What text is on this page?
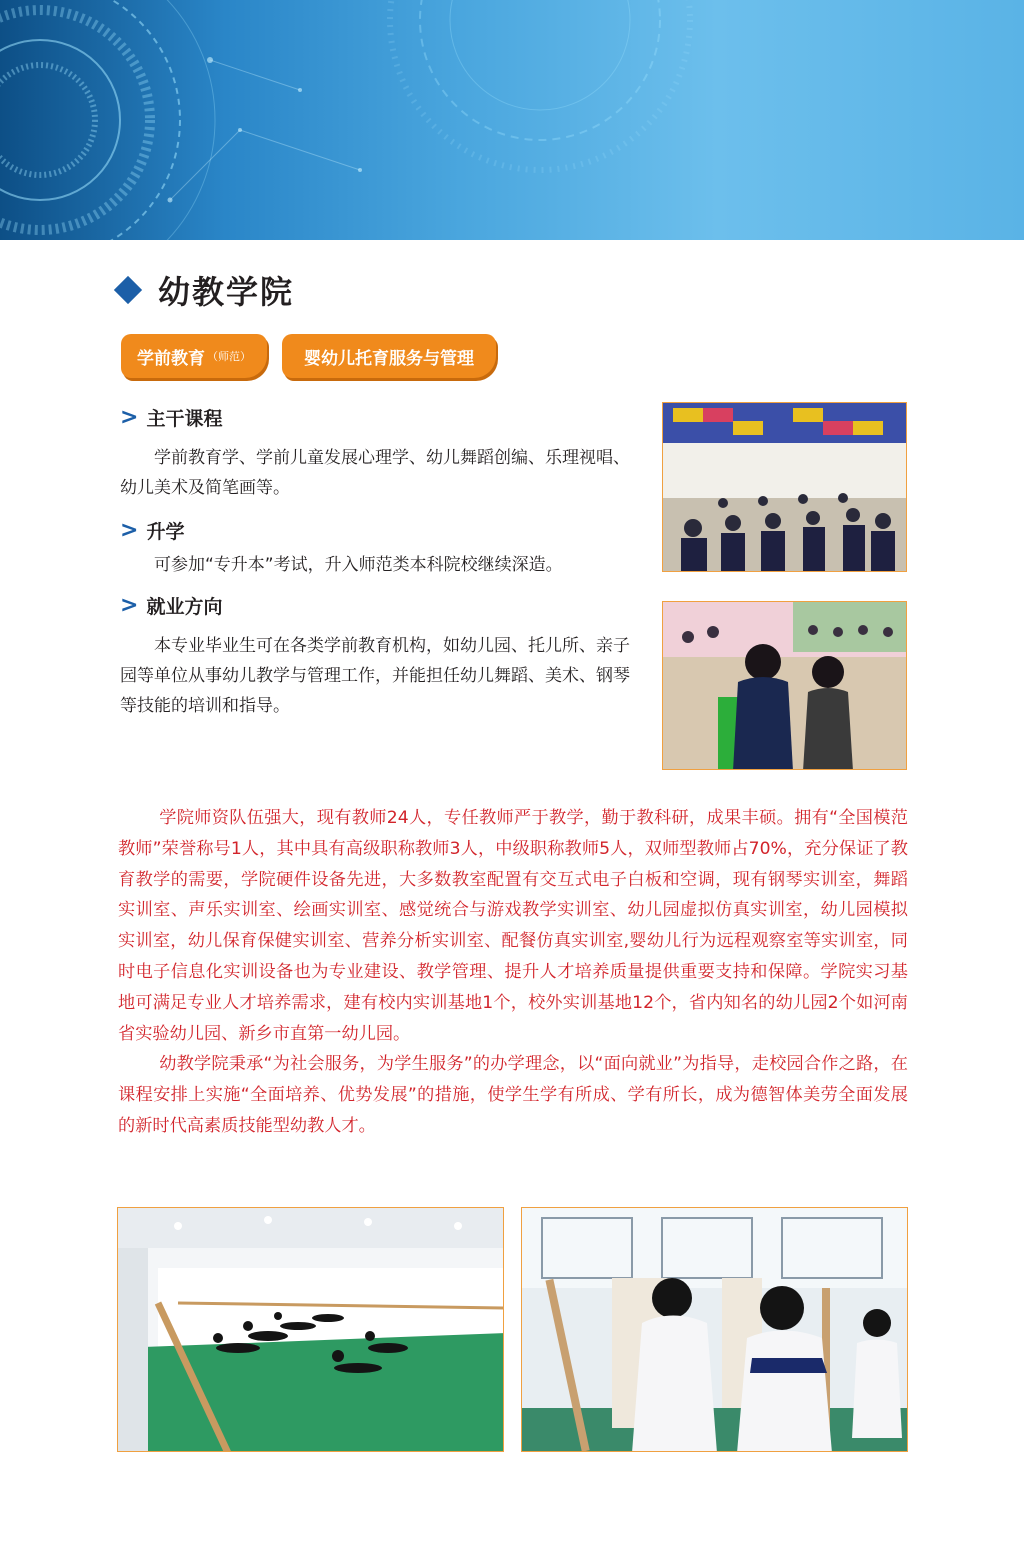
幼教学院
学前教育 （师范）	婴幼儿托育服务与管理
> 主干课程
学前教育学、学前儿童发展心理学、幼儿舞蹈创编、乐理视唱、幼儿美术及简笔画等。
> 升学
可参加“专升本”考试，升入师范类本科院校继续深造。
> 就业方向
本专业毕业生可在各类学前教育机构，如幼儿园、托儿所、亲子园等单位从事幼儿教学与管理工作，并能担任幼儿舞蹈、美术、钢琴等技能的培训和指导。

学院师资队伍强大，现有教师24人，专任教师严于教学，勤于教科研，成果丰硕。拥有“全国模范教师”荣誉称号1人，其中具有高级职称教师3人，中级职称教师5人，双师型教师占70%，充分保证了教育教学的需要，学院硬件设备先进，大多数教室配置有交互式电子白板和空调，现有钢琴实训室，舞蹈实训室、声乐实训室、绘画实训室、感觉统合与游戏教学实训室、幼儿园虚拟仿真实训室，幼儿园模拟实训室，幼儿保育保健实训室、营养分析实训室、配餐仿真实训室,婴幼儿行为远程观察室等实训室，同时电子信息化实训设备也为专业建设、教学管理、提升人才培养质量提供重要支持和保障。学院实习基地可满足专业人才培养需求，建有校内实训基地1个，校外实训基地12个，省内知名的幼儿园2个如河南省实验幼儿园、新乡市直第一幼儿园。

幼教学院秉承“为社会服务，为学生服务”的办学理念，以“面向就业”为指导，走校园合作之路，在课程安排上实施“全面培养、优势发展”的措施，使学生学有所成、学有所长，成为德智体美劳全面发展的新时代高素质技能型幼教人才。
